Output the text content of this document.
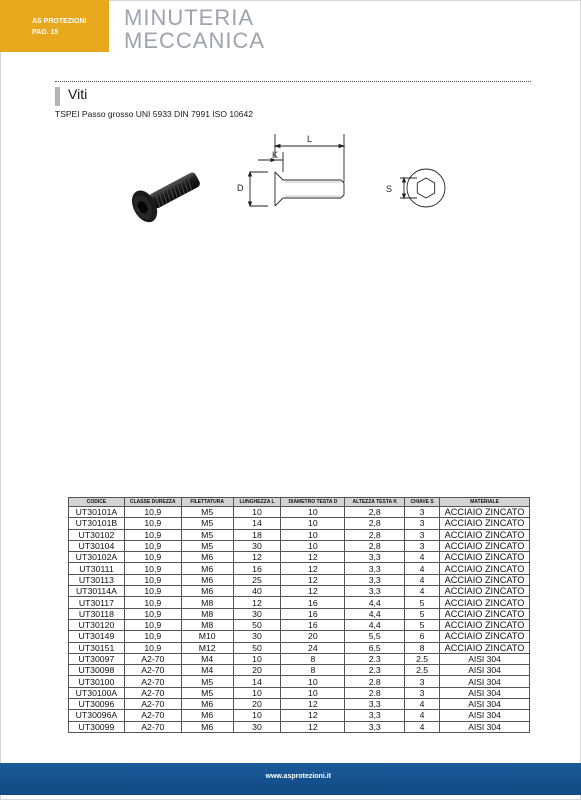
AS PROTEZIONI
PAG. 15
MINUTERIA
MECCANICA
Viti
TSPEI Passo grosso UNI 5933 DIN 7991 ISO 10642
L
K
D	S
CODICE	CLASSE DUREZZA	FILETTATURA	LUNGHEZZA L	DIAMETRO TESTA D	ALTEZZA TESTA K	CHIAVE S	MATERIALE
UT30101A	10,9	M5	10	10	2,8	3	ACCIAIO ZINCATO
UT30101B	10,9	M5	14	10	2,8	3	ACCIAIO ZINCATO
UT30102	10,9	M5	18	10	2,8	3	ACCIAIO ZINCATO
UT30104	10,9	M5	30	10	2,8	3	ACCIAIO ZINCATO
UT30102A	10,9	M6	12	12	3,3	4	ACCIAIO ZINCATO
UT30111	10,9	M6	16	12	3,3	4	ACCIAIO ZINCATO
UT30113	10,9	M6	25	12	3,3	4	ACCIAIO ZINCATO
UT30114A	10,9	M6	40	12	3,3	4	ACCIAIO ZINCATO
UT30117	10,9	M8	12	16	4,4	5	ACCIAIO ZINCATO
UT30118	10,9	M8	30	16	4,4	5	ACCIAIO ZINCATO
UT30120	10,9	M8	50	16	4,4	5	ACCIAIO ZINCATO
UT30149	10,9	M10	30	20	5,5	6	ACCIAIO ZINCATO
UT30151	10,9	M12	50	24	6,5	8	ACCIAIO ZINCATO
UT30097	A2-70	M4	10	8	2.3	2.5	AISI 304
UT30098	A2-70	M4	20	8	2.3	2.5	AISI 304
UT30100	A2-70	M5	14	10	2.8	3	AISI 304
UT30100A	A2-70	M5	10	10	2.8	3	AISI 304
UT30096	A2-70	M6	20	12	3,3	4	AISI 304
UT30096A	A2-70	M6	10	12	3,3	4	AISI 304
UT30099	A2-70	M6	30	12	3,3	4	AISI 304
www.asprotezioni.it
